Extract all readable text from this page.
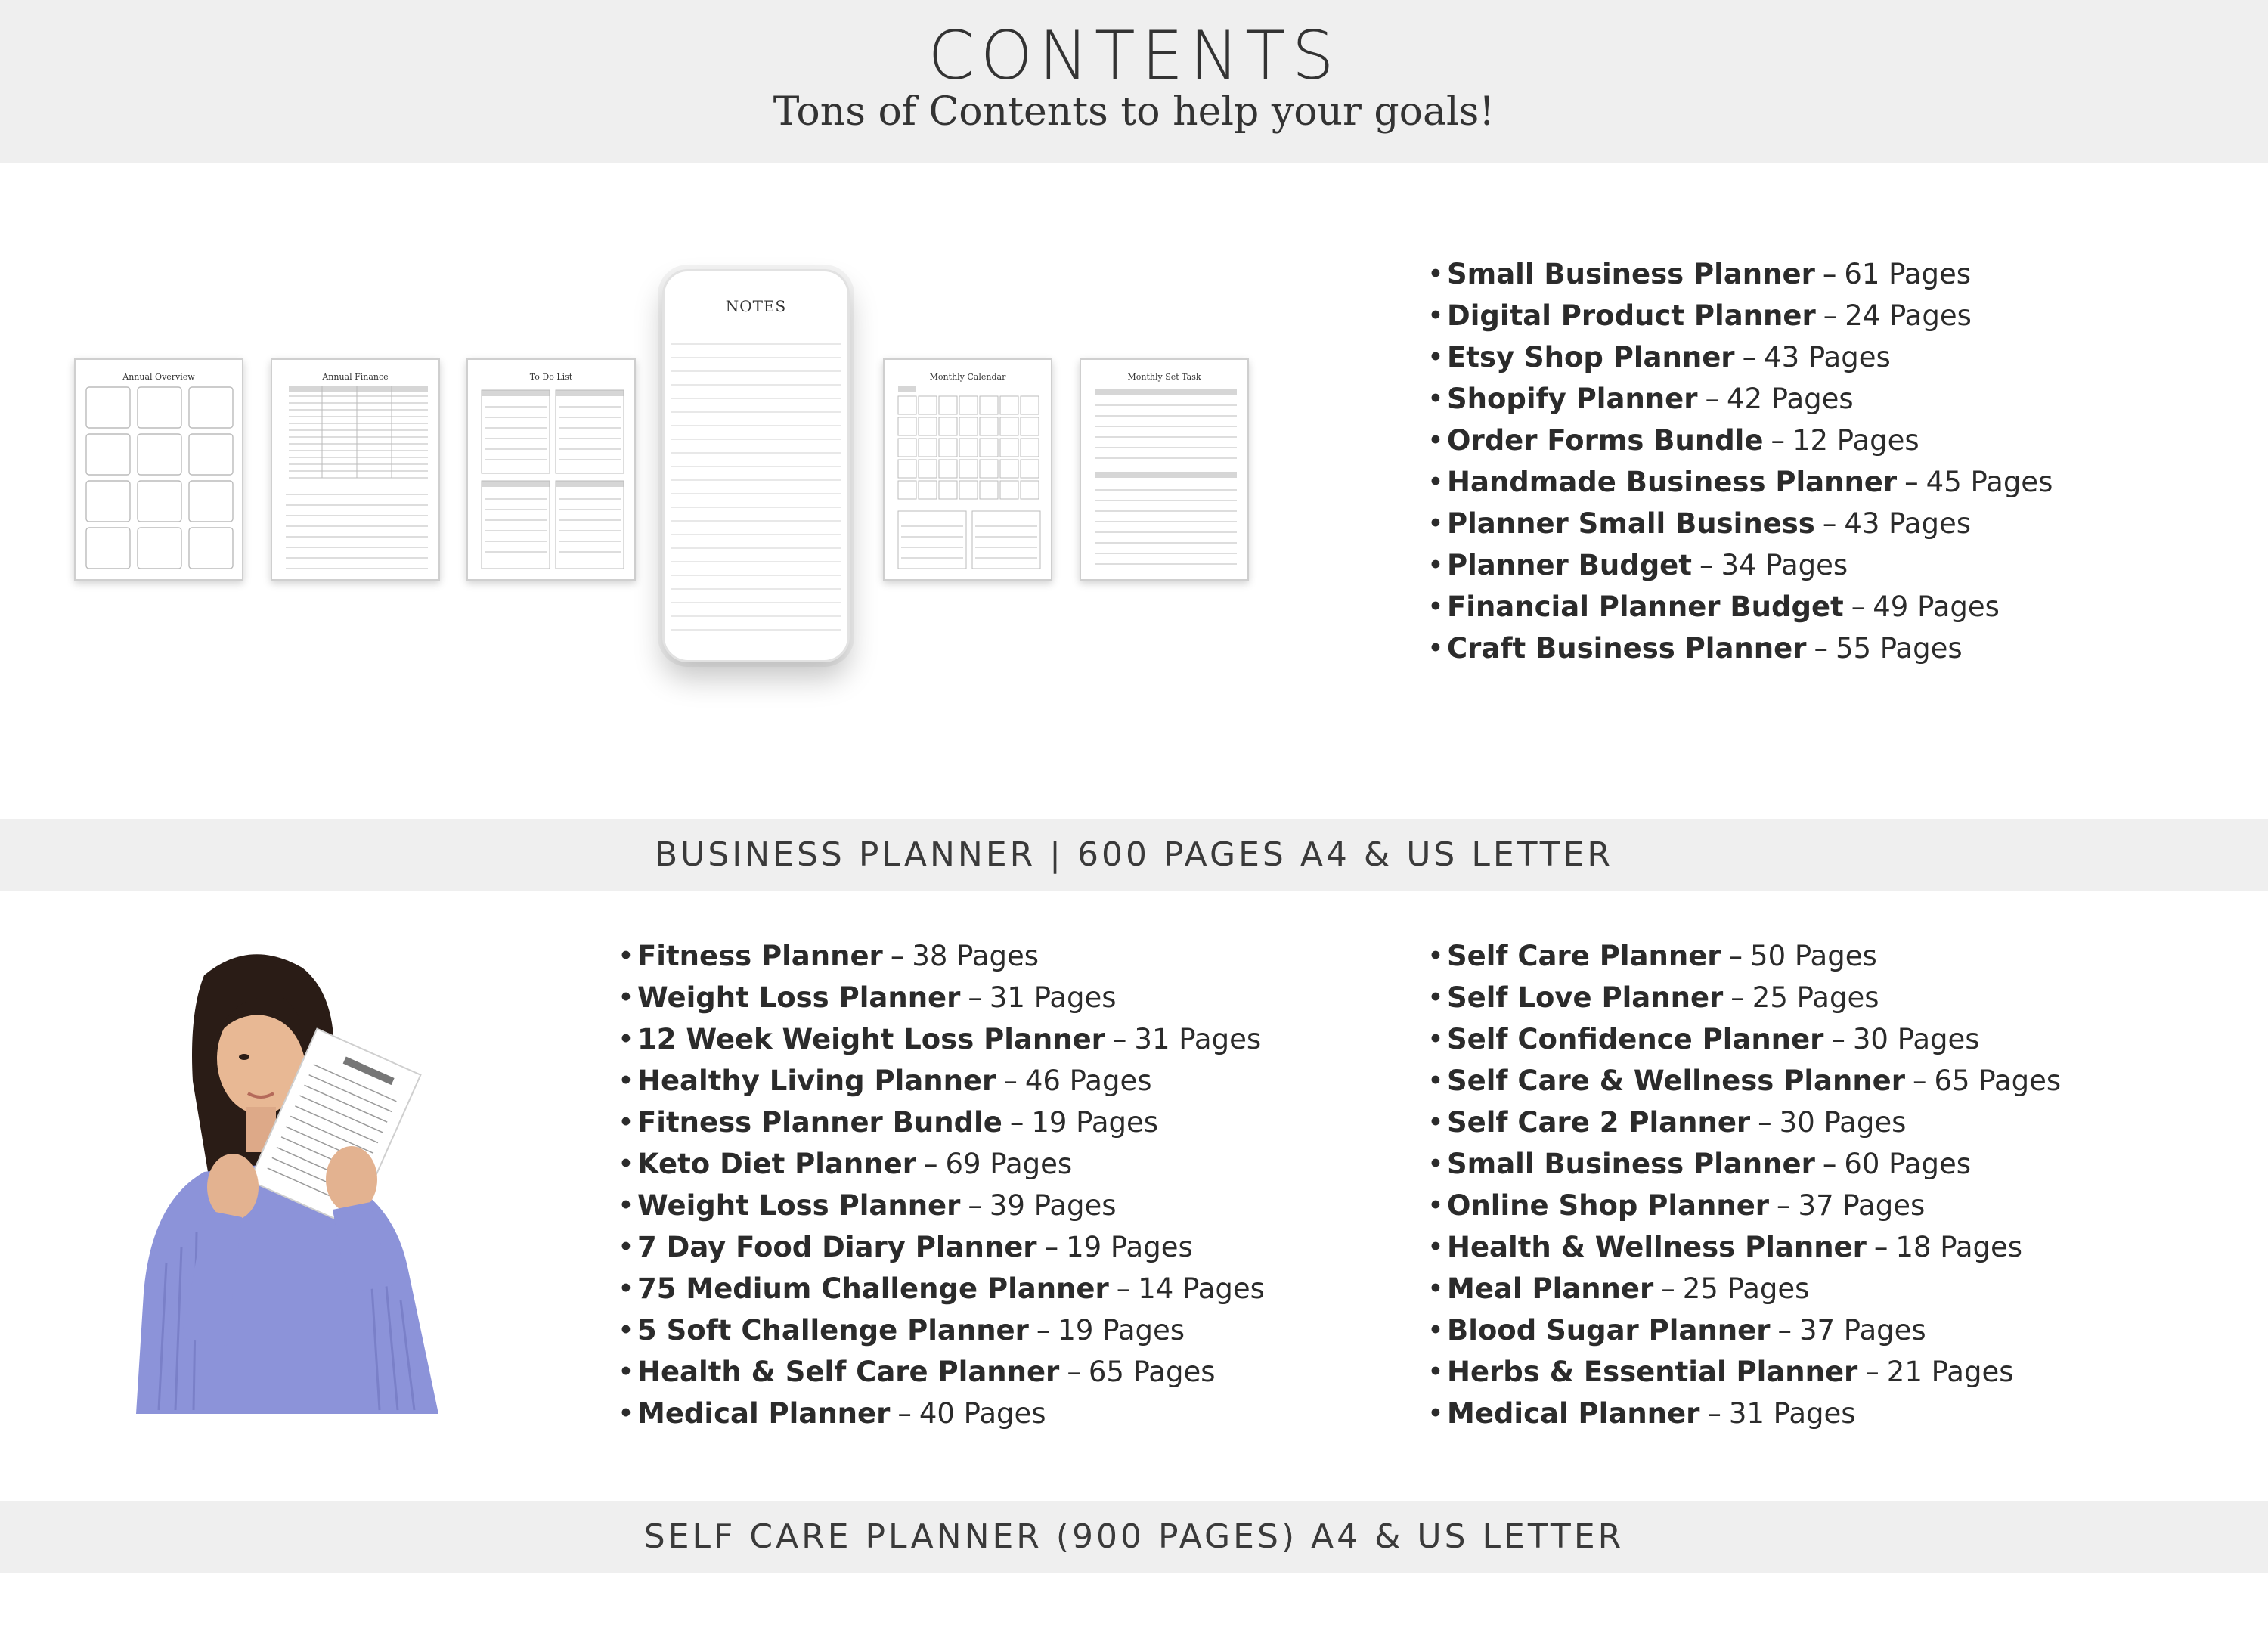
CONTENTS
Tons of Contents to help your goals!
Annual Overview	Annual Finance	To Do List
NOTES
Monthly Calendar	Monthly Set Task
• Small Business Planner – 61 Pages
• Digital Product Planner – 24 Pages
• Etsy Shop Planner – 43 Pages
• Shopify Planner – 42 Pages
• Order Forms Bundle – 12 Pages
• Handmade Business Planner – 45 Pages
• Planner Small Business – 43 Pages
• Planner Budget – 34 Pages
• Financial Planner Budget – 49 Pages
• Craft Business Planner – 55 Pages
BUSINESS PLANNER | 600 PAGES A4 & US LETTER
• Fitness Planner – 38 Pages
• Weight Loss Planner – 31 Pages
• 12 Week Weight Loss Planner – 31 Pages
• Healthy Living Planner – 46 Pages
• Fitness Planner Bundle – 19 Pages
• Keto Diet Planner – 69 Pages
• Weight Loss Planner – 39 Pages
• 7 Day Food Diary Planner – 19 Pages
• 75 Medium Challenge Planner – 14 Pages
• 5 Soft Challenge Planner – 19 Pages
• Health & Self Care Planner – 65 Pages
• Medical Planner – 40 Pages
• Self Care Planner – 50 Pages
• Self Love Planner – 25 Pages
• Self Confidence Planner – 30 Pages
• Self Care & Wellness Planner – 65 Pages
• Self Care 2 Planner – 30 Pages
• Small Business Planner – 60 Pages
• Online Shop Planner – 37 Pages
• Health & Wellness Planner – 18 Pages
• Meal Planner – 25 Pages
• Blood Sugar Planner – 37 Pages
• Herbs & Essential Planner – 21 Pages
• Medical Planner – 31 Pages
SELF CARE PLANNER (900 PAGES) A4 & US LETTER
